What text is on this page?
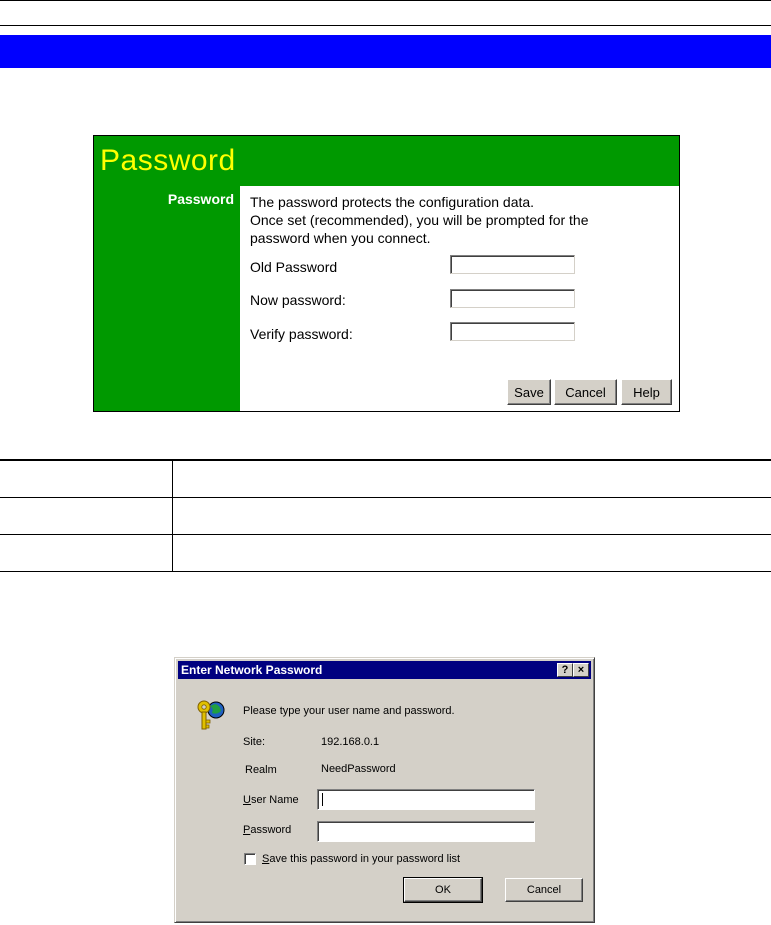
Password
Password The password protects the configuration data.
Once set (recommended), you will be prompted for the
password when you connect.
Old Password
Now password:
Verify password:
Save	Cancel	Help
Enter Network Password	? ×
Please type your user name and password.
Site:	192.168.0.1
Realm	NeedPassword
User Name
Password
Save this password in your password list
OK	Cancel
